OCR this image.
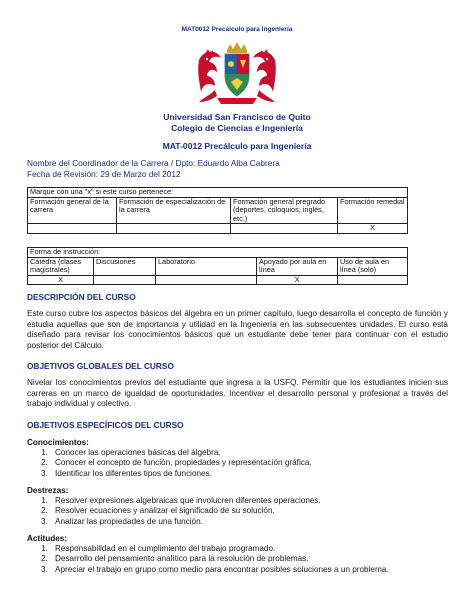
MAT0012 Precálculo para Ingeniería
Universidad San Francisco de Quito
Colegio de Ciencias e Ingeniería
MAT-0012 Precálculo para Ingeniería
Nombre del Coordinador de la Carrera / Dpto: Eduardo Alba Cabrera
Fecha de Revisión: 29 de Marzo del 2012
Marque con una "x" si este curso pertenece:			
Formación general de la carrera	Formación de especialización de la carrera	Formación general pregrado (deportes, coloquios, inglés, etc.)	Formación remedial
			X
Forma de instrucción:				
Cátedra (clases magistrales)	Discusiones	Laboratorio	Apoyado por aula en línea	Uso de aula en línea (solo)
X			X	
DESCRIPCIÓN DEL CURSO
Este curso cubre los aspectos básicos del álgebra en un primer capítulo, luego desarrolla el concepto de función y estudia aquellas que son de importancia y utilidad en la Ingeniería en las subsecuentes unidades. El curso está diseñado para revisar los conocimientos básicos que un estudiante debe tener para continuar con el estudio posterior del Cálculo.
OBJETIVOS GLOBALES DEL CURSO
Nivelar los conocimientos previos del estudiante que ingresa a la USFQ. Permitir que los estudiantes inicien sus carreras en un marco de igualdad de oportunidades. Incentivar el desarrollo personal y profesional a través del trabajo individual y colectivo.
OBJETIVOS ESPECÍFICOS DEL CURSO
Conocimientos:
1. Conocer las operaciones básicas del álgebra.
2. Conocer el concepto de función, propiedades y representación gráfica.
3. Identificar los diferentes tipos de funciones.
Destrezas:
1. Resolver expresiones algebraicas que involucren diferentes operaciones.
2. Resolver ecuaciones y analizar el significado de su solución.
3. Analizar las propiedades de una función.
Actitudes:
1. Responsabilidad en el cumplimiento del trabajo programado.
2. Desarrollo del pensamiento analítico para la resolución de problemas.
3. Apreciar el trabajo en grupo como medio para encontrar posibles soluciones a un problema.
